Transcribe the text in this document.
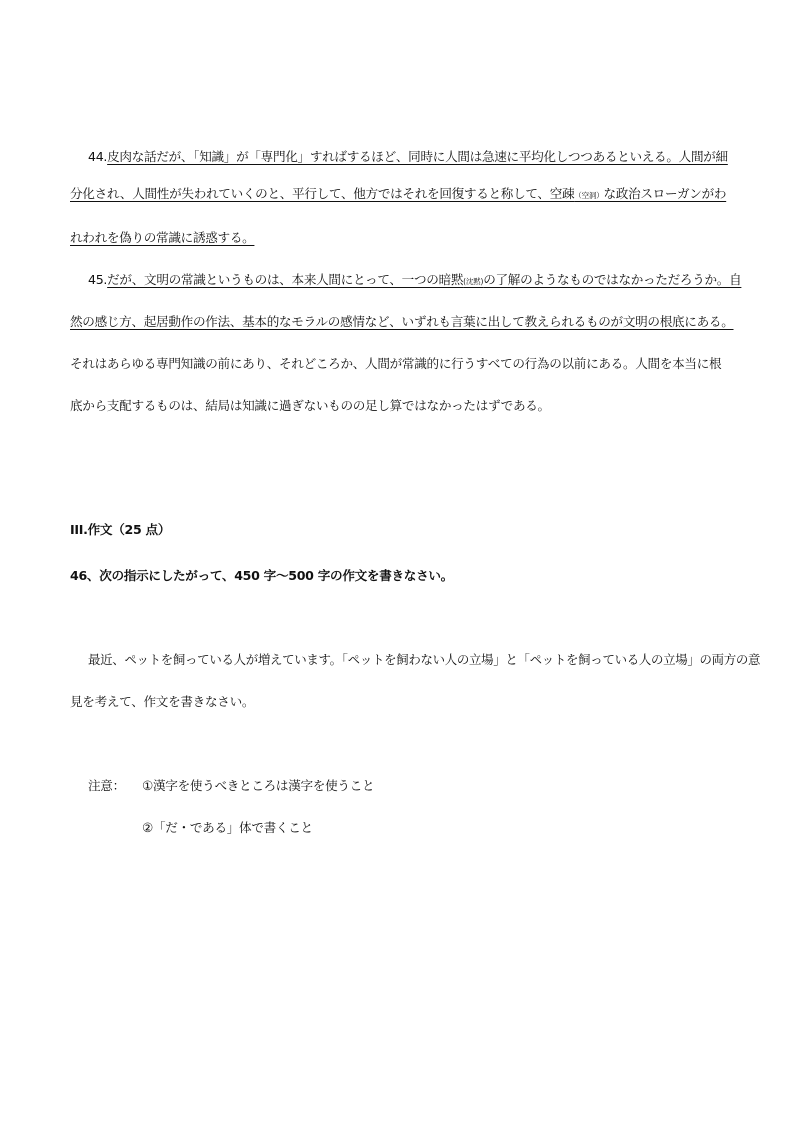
44.皮肉な話だが、「知識」が「専門化」すればするほど、同時に人間は急速に平均化しつつあるといえる。人間が細
分化され、人間性が失われていくのと、平行して、他方ではそれを回復すると称して、空疎（空洞）な政治スローガンがわ
れわれを偽りの常識に誘惑する。
45.だが、文明の常識というものは、本来人間にとって、一つの暗黙(沈黙)の了解のようなものではなかっただろうか。自
然の感じ方、起居動作の作法、基本的なモラルの感情など、いずれも言葉に出して教えられるものが文明の根底にある。
それはあらゆる専門知識の前にあり、それどころか、人間が常識的に行うすべての行為の以前にある。人間を本当に根
底から支配するものは、結局は知識に過ぎないものの足し算ではなかったはずである。
III.作文（25 点）
46、次の指示にしたがって、450 字～500 字の作文を書きなさい。
最近、ペットを飼っている人が増えています。「ペットを飼わない人の立場」と「ペットを飼っている人の立場」の両方の意
見を考えて、作文を書きなさい。
注意： ①漢字を使うべきところは漢字を使うこと
②「だ・である」体で書くこと
